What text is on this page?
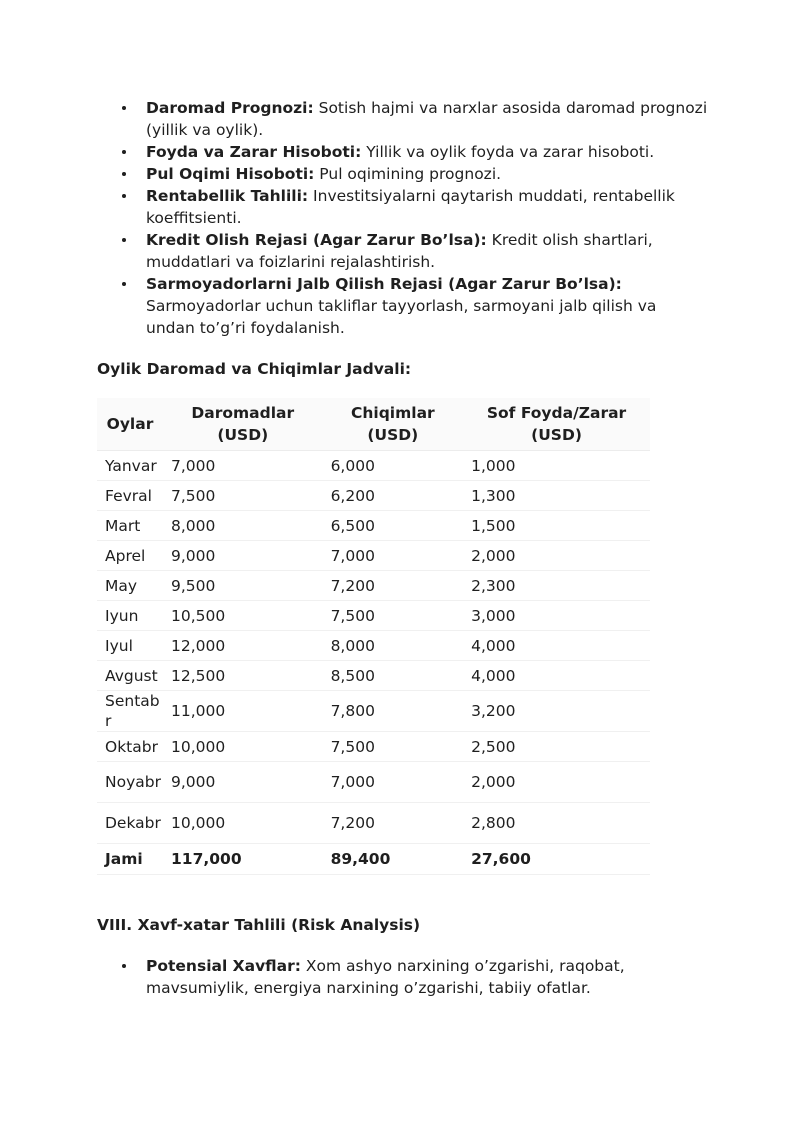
Daromad Prognozi: Sotish hajmi va narxlar asosida daromad prognozi (yillik va oylik).
Foyda va Zarar Hisoboti: Yillik va oylik foyda va zarar hisoboti.
Pul Oqimi Hisoboti: Pul oqimining prognozi.
Rentabellik Tahlili: Investitsiyalarni qaytarish muddati, rentabellik koeffitsienti.
Kredit Olish Rejasi (Agar Zarur Bo’lsa): Kredit olish shartlari, muddatlari va foizlarini rejalashtirish.
Sarmoyadorlarni Jalb Qilish Rejasi (Agar Zarur Bo’lsa): Sarmoyadorlar uchun takliflar tayyorlash, sarmoyani jalb qilish va undan to’g’ri foydalanish.
Oylik Daromad va Chiqimlar Jadvali:
Oylar	Daromadlar (USD)	Chiqimlar (USD)	Sof Foyda/Zarar (USD)
Yanvar	7,000	6,000	1,000
Fevral	7,500	6,200	1,300
Mart	8,000	6,500	1,500
Aprel	9,000	7,000	2,000
May	9,500	7,200	2,300
Iyun	10,500	7,500	3,000
Iyul	12,000	8,000	4,000
Avgust	12,500	8,500	4,000
Sentabr	11,000	7,800	3,200
Oktabr	10,000	7,500	2,500
Noyabr	9,000	7,000	2,000
Dekabr	10,000	7,200	2,800
Jami	117,000	89,400	27,600
VIII. Xavf-xatar Tahlili (Risk Analysis)
Potensial Xavflar: Xom ashyo narxining o’zgarishi, raqobat, mavsumiylik, energiya narxining o’zgarishi, tabiiy ofatlar.
